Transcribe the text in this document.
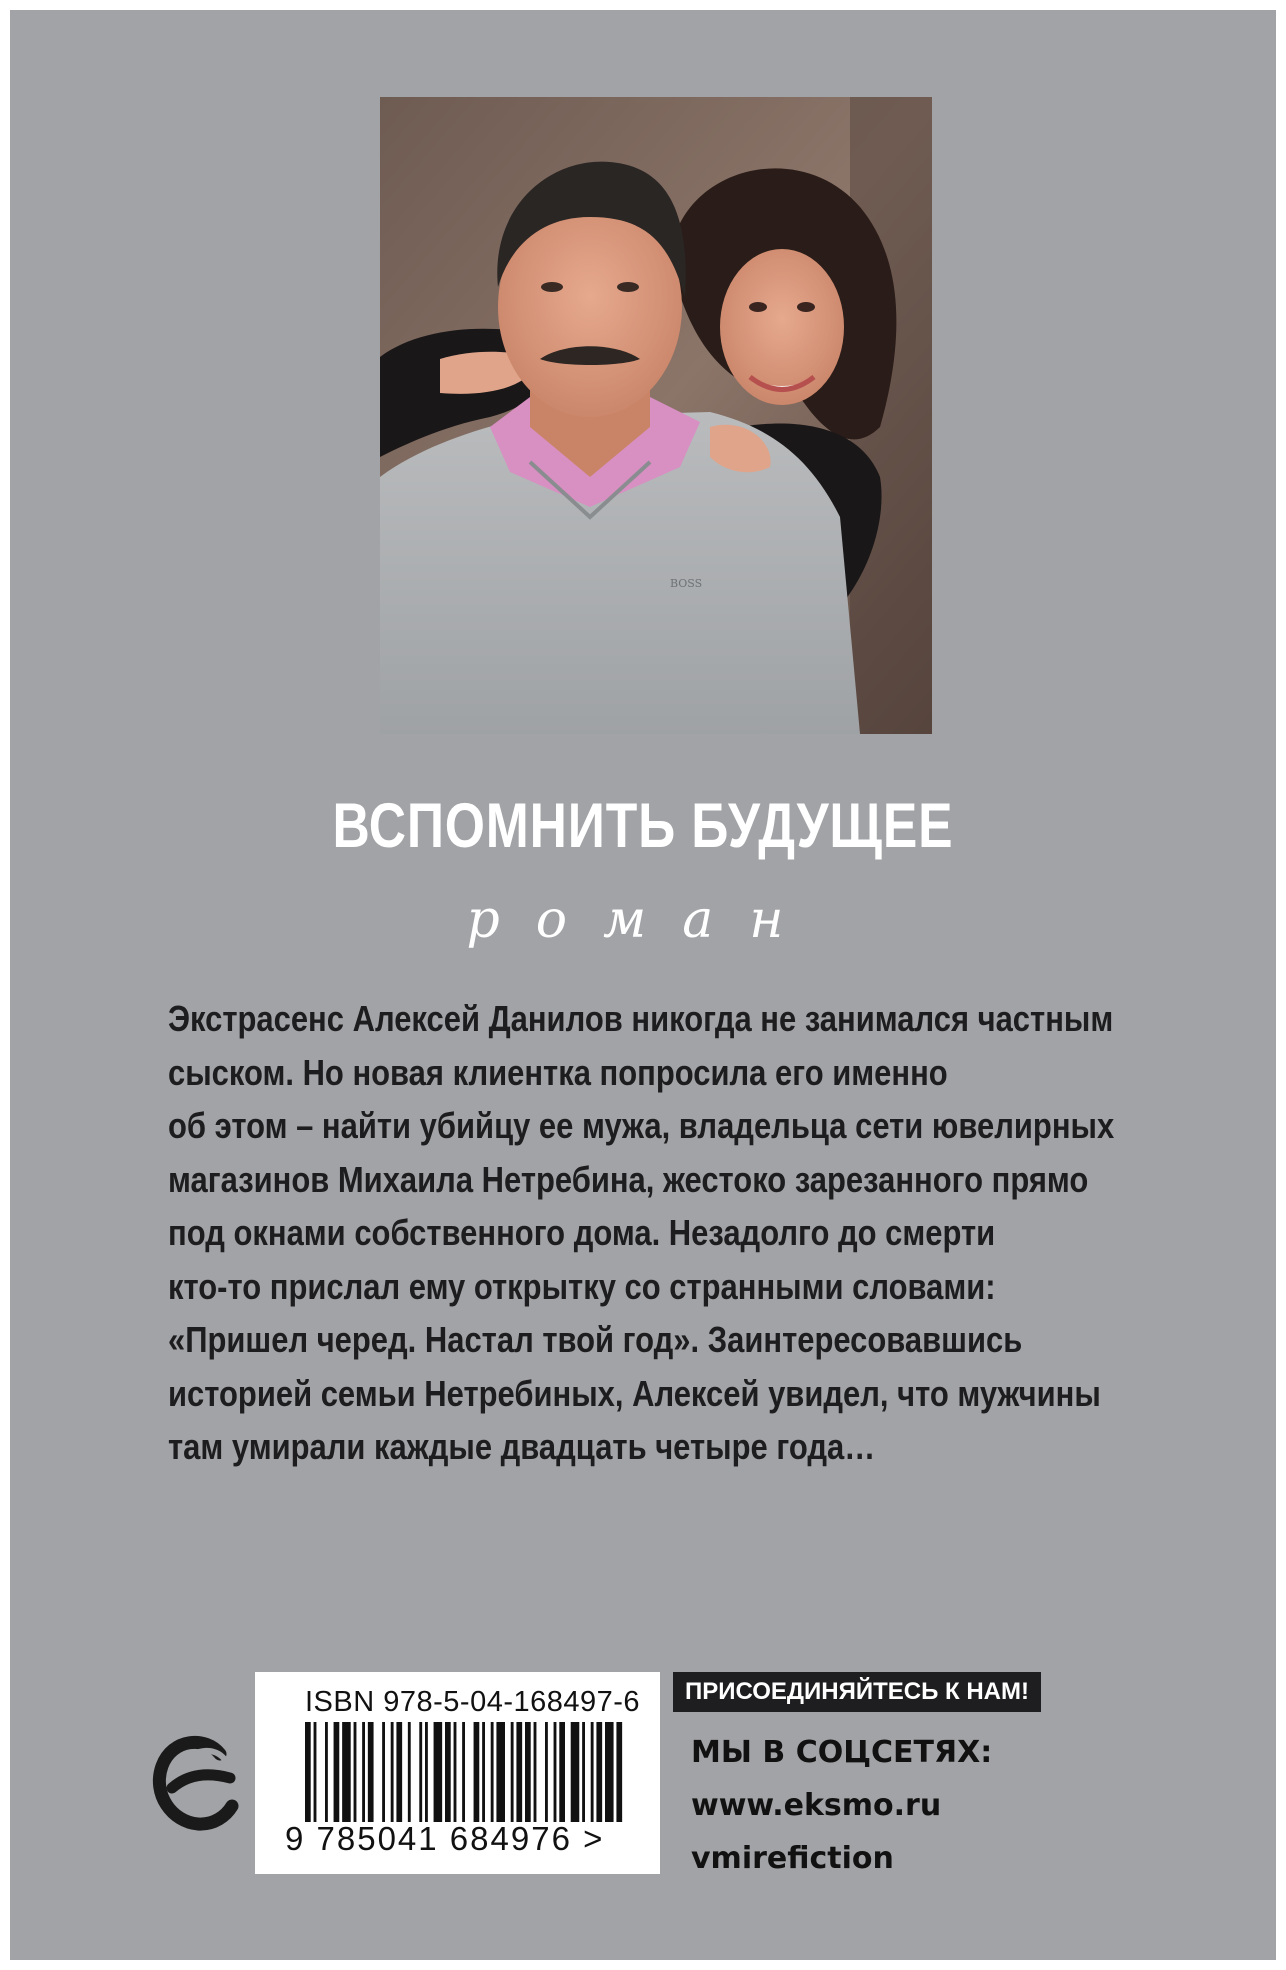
BOSS
ВСПОМНИТЬ БУДУЩЕЕ
роман
Экстрасенс Алексей Данилов никогда не занимался частным
сыском. Но новая клиентка попросила его именно
об этом – найти убийцу ее мужа, владельца сети ювелирных
магазинов Михаила Нетребина, жестоко зарезанного прямо
под окнами собственного дома. Незадолго до смерти
кто-то прислал ему открытку со странными словами:
«Пришел черед. Настал твой год». Заинтересовавшись
историей семьи Нетребиных, Алексей увидел, что мужчины
там умирали каждые двадцать четыре года…
ISBN 978-5-04-168497-6
9 785041 684976 >
ПРИСОЕДИНЯЙТЕСЬ К НАМ!
МЫ В СОЦСЕТЯХ:
www.eksmo.ru
vmirefiction
